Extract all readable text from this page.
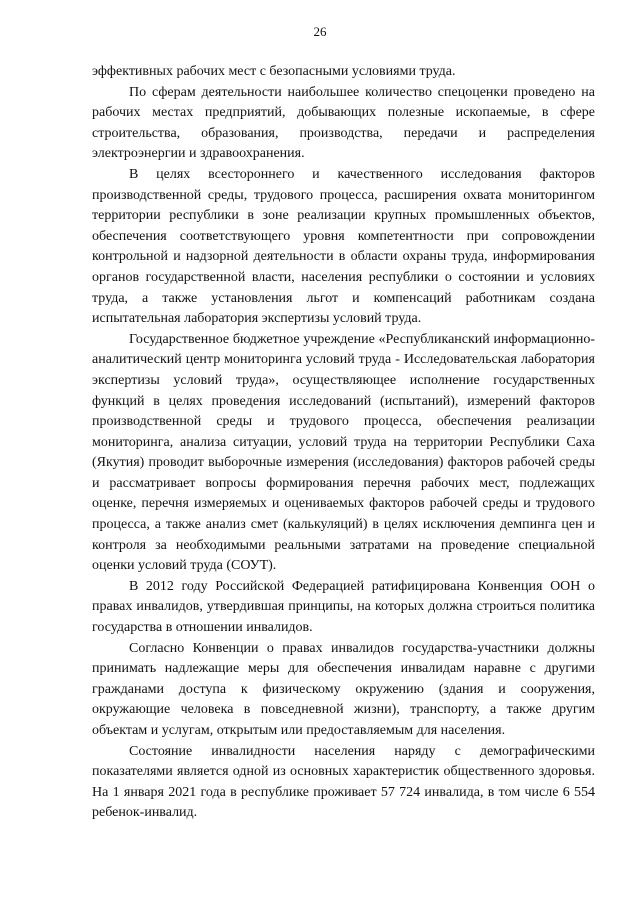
26

эффективных рабочих мест с безопасными условиями труда.

По сферам деятельности наибольшее количество спецоценки проведено на рабочих местах предприятий, добывающих полезные ископаемые, в сфере строительства, образования, производства, передачи и распределения электроэнергии и здравоохранения.

В целях всестороннего и качественного исследования факторов производственной среды, трудового процесса, расширения охвата мониторингом территории республики в зоне реализации крупных промышленных объектов, обеспечения соответствующего уровня компетентности при сопровождении контрольной и надзорной деятельности в области охраны труда, информирования органов государственной власти, населения республики о состоянии и условиях труда, а также установления льгот и компенсаций работникам создана испытательная лаборатория экспертизы условий труда.

Государственное бюджетное учреждение «Республиканский информационно-аналитический центр мониторинга условий труда - Исследовательская лаборатория экспертизы условий труда», осуществляющее исполнение государственных функций в целях проведения исследований (испытаний), измерений факторов производственной среды и трудового процесса, обеспечения реализации мониторинга, анализа ситуации, условий труда на территории Республики Саха (Якутия) проводит выборочные измерения (исследования) факторов рабочей среды и рассматривает вопросы формирования перечня рабочих мест, подлежащих оценке, перечня измеряемых и оцениваемых факторов рабочей среды и трудового процесса, а также анализ смет (калькуляций) в целях исключения демпинга цен и контроля за необходимыми реальными затратами на проведение специальной оценки условий труда (СОУТ).

В 2012 году Российской Федерацией ратифицирована Конвенция ООН о правах инвалидов, утвердившая принципы, на которых должна строиться политика государства в отношении инвалидов.

Согласно Конвенции о правах инвалидов государства-участники должны принимать надлежащие меры для обеспечения инвалидам наравне с другими гражданами доступа к физическому окружению (здания и сооружения, окружающие человека в повседневной жизни), транспорту, а также другим объектам и услугам, открытым или предоставляемым для населения.

Состояние инвалидности населения наряду с демографическими показателями является одной из основных характеристик общественного здоровья. На 1 января 2021 года в республике проживает 57 724 инвалида, в том числе 6 554 ребенок-инвалид.
